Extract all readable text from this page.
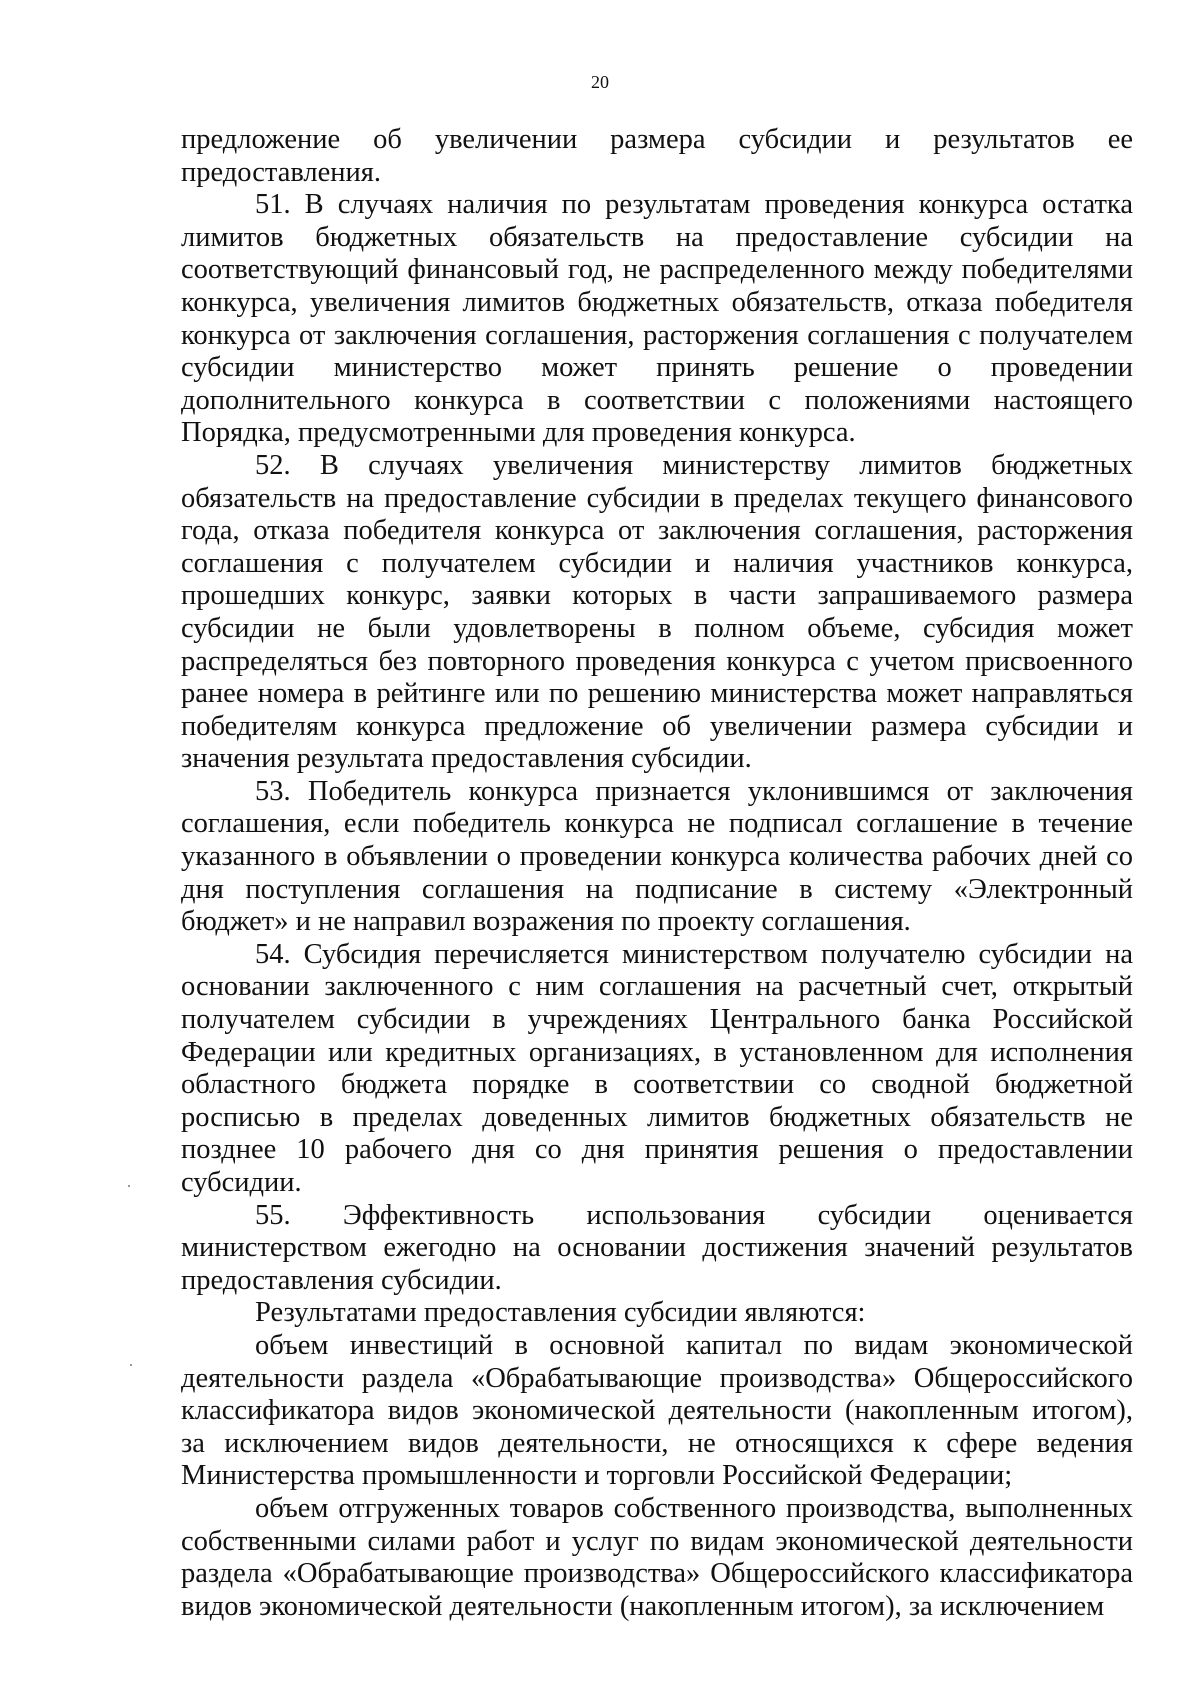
20

предложение об увеличении размера субсидии и результатов ее предоставления.

51. В случаях наличия по результатам проведения конкурса остатка лимитов бюджетных обязательств на предоставление субсидии на соответствующий финансовый год, не распределенного между победителями конкурса, увеличения лимитов бюджетных обязательств, отказа победителя конкурса от заключения соглашения, расторжения соглашения с получателем субсидии министерство может принять решение о проведении дополнительного конкурса в соответствии с положениями настоящего Порядка, предусмотренными для проведения конкурса.

52. В случаях увеличения министерству лимитов бюджетных обязательств на предоставление субсидии в пределах текущего финансового года, отказа победителя конкурса от заключения соглашения, расторжения соглашения с получателем субсидии и наличия участников конкурса, прошедших конкурс, заявки которых в части запрашиваемого размера субсидии не были удовлетворены в полном объеме, субсидия может распределяться без повторного проведения конкурса с учетом присвоенного ранее номера в рейтинге или по решению министерства может направляться победителям конкурса предложение об увеличении размера субсидии и значения результата предоставления субсидии.

53. Победитель конкурса признается уклонившимся от заключения соглашения, если победитель конкурса не подписал соглашение в течение указанного в объявлении о проведении конкурса количества рабочих дней со дня поступления соглашения на подписание в систему «Электронный бюджет» и не направил возражения по проекту соглашения.

54. Субсидия перечисляется министерством получателю субсидии на основании заключенного с ним соглашения на расчетный счет, открытый получателем субсидии в учреждениях Центрального банка Российской Федерации или кредитных организациях, в установленном для исполнения областного бюджета порядке в соответствии со сводной бюджетной росписью в пределах доведенных лимитов бюджетных обязательств не позднее 10 рабочего дня со дня принятия решения о предоставлении субсидии.

55. Эффективность использования субсидии оценивается министерством ежегодно на основании достижения значений результатов предоставления субсидии.

Результатами предоставления субсидии являются:

объем инвестиций в основной капитал по видам экономической деятельности раздела «Обрабатывающие производства» Общероссийского классификатора видов экономической деятельности (накопленным итогом), за исключением видов деятельности, не относящихся к сфере ведения Министерства промышленности и торговли Российской Федерации;

объем отгруженных товаров собственного производства, выполненных собственными силами работ и услуг по видам экономической деятельности раздела «Обрабатывающие производства» Общероссийского классификатора видов экономической деятельности (накопленным итогом), за исключением
